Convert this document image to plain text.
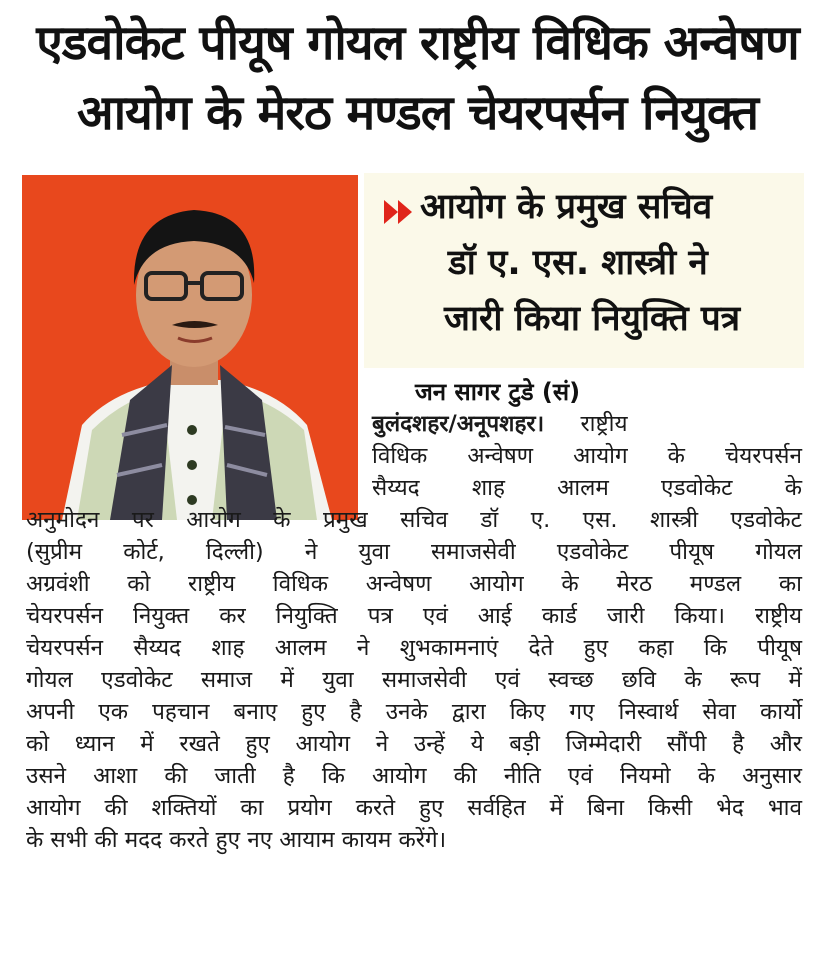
एडवोकेट पीयूष गोयल राष्ट्रीय विधिक अन्वेषण
आयोग के मेरठ मण्डल चेयरपर्सन नियुक्त
आयोग के प्रमुख सचिव
डॉ ए. एस. शास्त्री ने
जारी किया नियुक्ति पत्र
जन सागर टुडे (सं)
बुलंदशहर/अनूपशहर। राष्ट्रीय
विधिक अन्वेषण आयोग के चेयरपर्सन
सैय्यद शाह आलम एडवोकेट के
अनुमोदन पर आयोग के प्रमुख सचिव डॉ ए. एस. शास्त्री एडवोकेट
(सुप्रीम कोर्ट, दिल्ली) ने युवा समाजसेवी एडवोकेट पीयूष गोयल
अग्रवंशी को राष्ट्रीय विधिक अन्वेषण आयोग के मेरठ मण्डल का
चेयरपर्सन नियुक्त कर नियुक्ति पत्र एवं आई कार्ड जारी किया। राष्ट्रीय
चेयरपर्सन सैय्यद शाह आलम ने शुभकामनाएं देते हुए कहा कि पीयूष
गोयल एडवोकेट समाज में युवा समाजसेवी एवं स्वच्छ छवि के रूप में
अपनी एक पहचान बनाए हुए है उनके द्वारा किए गए निस्वार्थ सेवा कार्यो
को ध्यान में रखते हुए आयोग ने उन्हें ये बड़ी जिम्मेदारी सौंपी है और
उसने आशा की जाती है कि आयोग की नीति एवं नियमो के अनुसार
आयोग की शक्तियों का प्रयोग करते हुए सर्वहित में बिना किसी भेद भाव
के सभी की मदद करते हुए नए आयाम कायम करेंगे।
